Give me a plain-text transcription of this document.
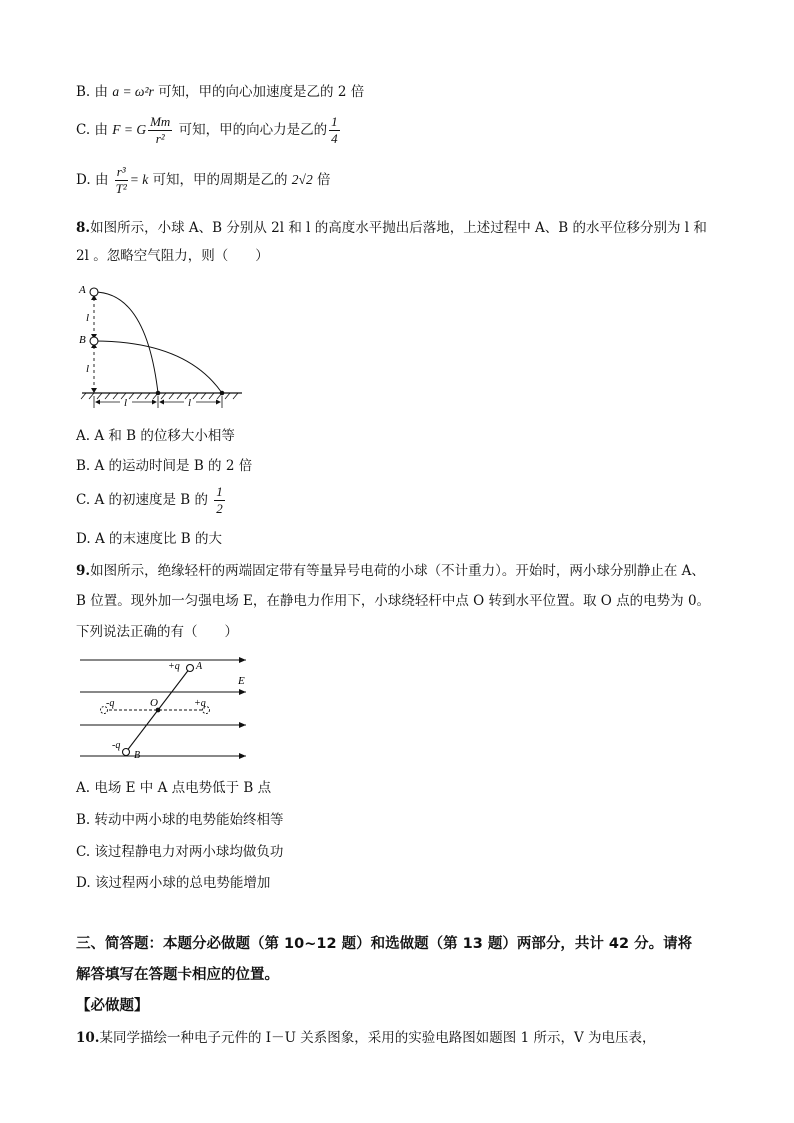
B. 由 a = ω²r 可知，甲的向心加速度是乙的 2 倍
C. 由 F = G $\frac{Mm}{\text{r²}}$ 可知，甲的向心力是乙的 $\frac{1}{4}$
D. 由 $\frac{\text{r³}}{\text{T²}} = k$ 可知，甲的周期是乙的 2√2 倍
8.如图所示，小球 A、B 分别从 2l 和 l 的高度水平抛出后落地，上述过程中 A、B 的水平位移分别为 l 和
2l 。忽略空气阻力，则（　　）
l
l
A
B
l	l
A. A 和 B 的位移大小相等
B. A 的运动时间是 B 的 2 倍
C. A 的初速度是 B 的 $\frac{1}{2}$
D. A 的末速度比 B 的大
9.如图所示，绝缘轻杆的两端固定带有等量异号电荷的小球（不计重力）。开始时，两小球分别静止在 A、
B 位置。现外加一匀强电场 E，在静电力作用下，小球绕轻杆中点 O 转到水平位置。取 O 点的电势为 0。
下列说法正确的有（　　）
+q A
E
-q	O	+q
-q
B
A. 电场 E 中 A 点电势低于 B 点
B. 转动中两小球的电势能始终相等
C. 该过程静电力对两小球均做负功
D. 该过程两小球的总电势能增加
三、简答题：本题分必做题（第 10~12 题）和选做题（第 13 题）两部分，共计 42 分。请将
解答填写在答题卡相应的位置。
【必做题】
10.某同学描绘一种电子元件的 I－U 关系图象，采用的实验电路图如题图 1 所示，V 为电压表，
